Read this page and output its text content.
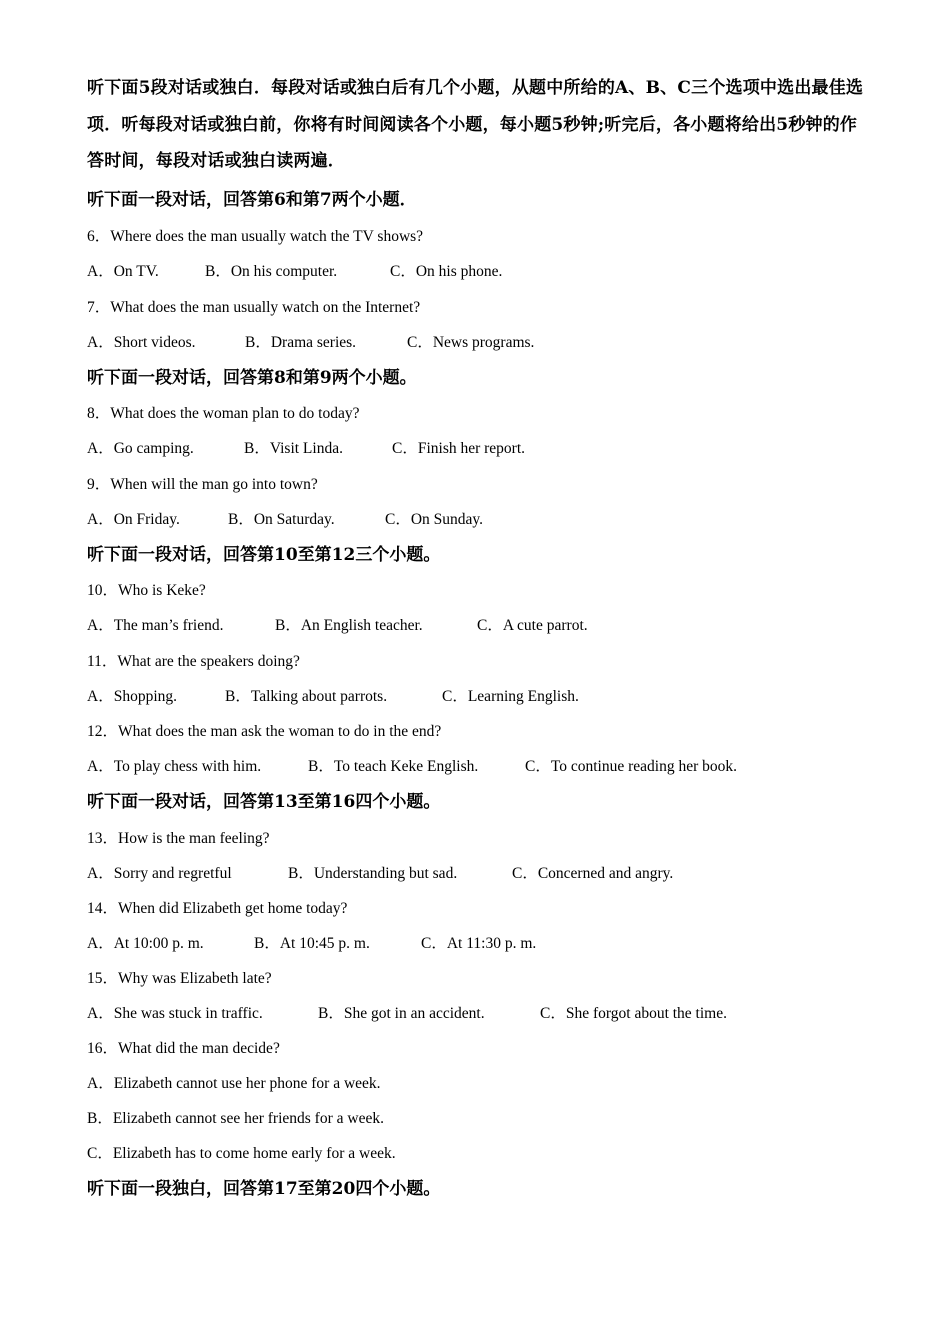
听下面5段对话或独白．每段对话或独白后有几个小题，从题中所给的A、B、C三个选项中选出最佳选项．听每段对话或独白前，你将有时间阅读各个小题，每小题5秒钟;听完后，各小题将给出5秒钟的作答时间，每段对话或独白读两遍．
听下面一段对话，回答第6和第7两个小题．
6．Where does the man usually watch the TV shows?
A．On TV.	B．On his computer.	C．On his phone.
7．What does the man usually watch on the Internet?
A．Short videos.	B．Drama series.	C．News programs.
听下面一段对话，回答第8和第9两个小题。
8．What does the woman plan to do today?
A．Go camping.	B．Visit Linda.	C．Finish her report.
9．When will the man go into town?
A．On Friday.	B．On Saturday.	C．On Sunday.
听下面一段对话，回答第10至第12三个小题。
10．Who is Keke?
A．The man’s friend.	B．An English teacher.	C．A cute parrot.
11．What are the speakers doing?
A．Shopping.	B．Talking about parrots.	C．Learning English.
12．What does the man ask the woman to do in the end?
A．To play chess with him.	B．To teach Keke English.	C．To continue reading her book.
听下面一段对话，回答第13至第16四个小题。
13．How is the man feeling?
A．Sorry and regretful	B．Understanding but sad.	C．Concerned and angry.
14．When did Elizabeth get home today?
A．At 10:00 p. m.	B．At 10:45 p. m.	C．At 11:30 p. m.
15．Why was Elizabeth late?
A．She was stuck in traffic.	B．She got in an accident.	C．She forgot about the time.
16．What did the man decide?
A．Elizabeth cannot use her phone for a week.
B．Elizabeth cannot see her friends for a week.
C．Elizabeth has to come home early for a week.
听下面一段独白，回答第17至第20四个小题。
